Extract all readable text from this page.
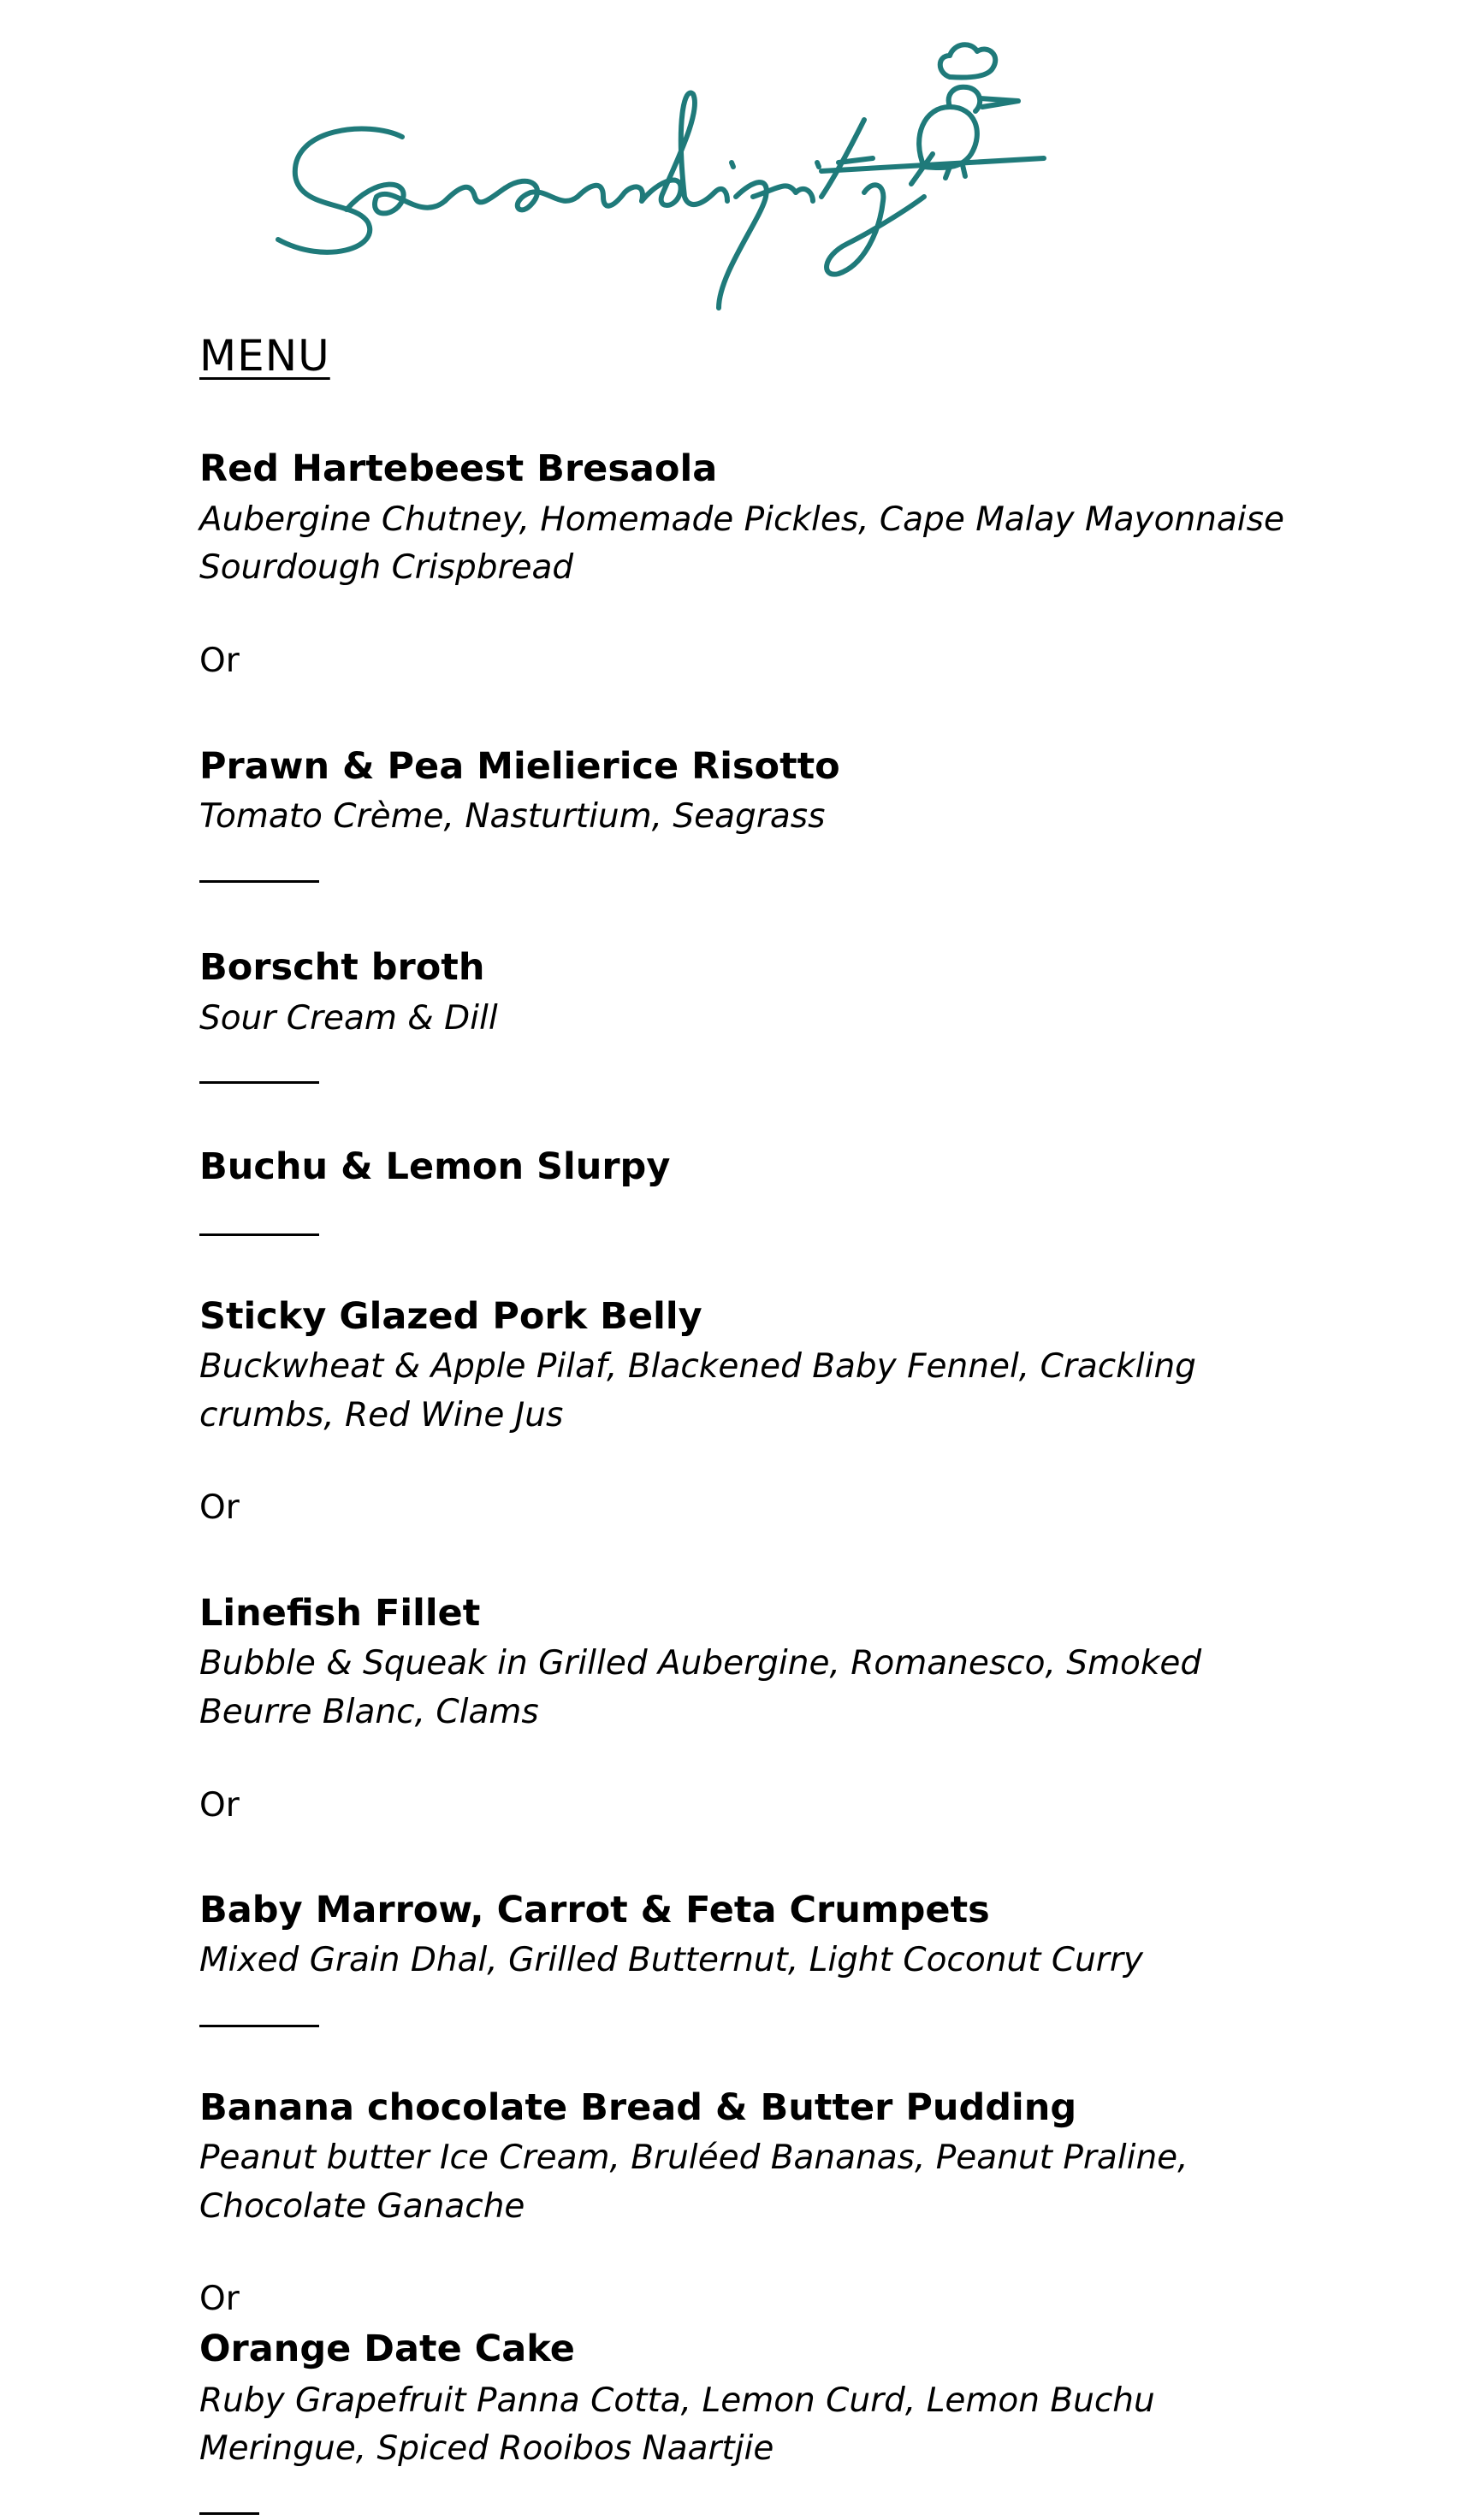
MENU
Red Hartebeest Bresaola
Aubergine Chutney, Homemade Pickles, Cape Malay Mayonnaise
Sourdough Crispbread
Or
Prawn & Pea Mielierice Risotto
Tomato Crème, Nasturtium, Seagrass
Borscht broth
Sour Cream & Dill
Buchu & Lemon Slurpy
Sticky Glazed Pork Belly
Buckwheat & Apple Pilaf, Blackened Baby Fennel, Crackling
crumbs, Red Wine Jus
Or
Linefish Fillet
Bubble & Squeak in Grilled Aubergine, Romanesco, Smoked
Beurre Blanc, Clams
Or
Baby Marrow, Carrot & Feta Crumpets
Mixed Grain Dhal, Grilled Butternut, Light Coconut Curry
Banana chocolate Bread & Butter Pudding
Peanut butter Ice Cream, Bruléed Bananas, Peanut Praline,
Chocolate Ganache
Or
Orange Date Cake
Ruby Grapefruit Panna Cotta, Lemon Curd, Lemon Buchu
Meringue, Spiced Rooibos Naartjie
